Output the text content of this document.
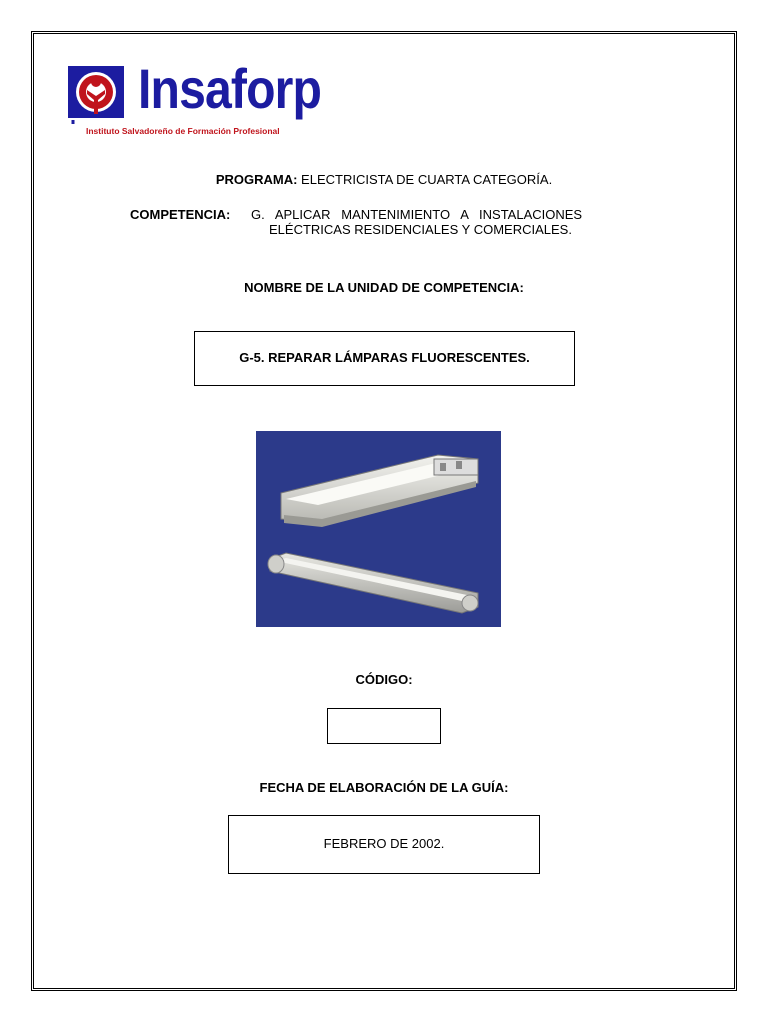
Insaforp
Instituto Salvadoreño de Formación Profesional
PROGRAMA: ELECTRICISTA DE CUARTA CATEGORÍA.
COMPETENCIA: G.   APLICAR   MANTENIMIENTO   A   INSTALACIONES
ELÉCTRICAS RESIDENCIALES Y COMERCIALES.
NOMBRE DE LA UNIDAD DE COMPETENCIA:
G-5. REPARAR LÁMPARAS FLUORESCENTES.
CÓDIGO:
FECHA DE ELABORACIÓN DE LA GUÍA:
FEBRERO DE 2002.
